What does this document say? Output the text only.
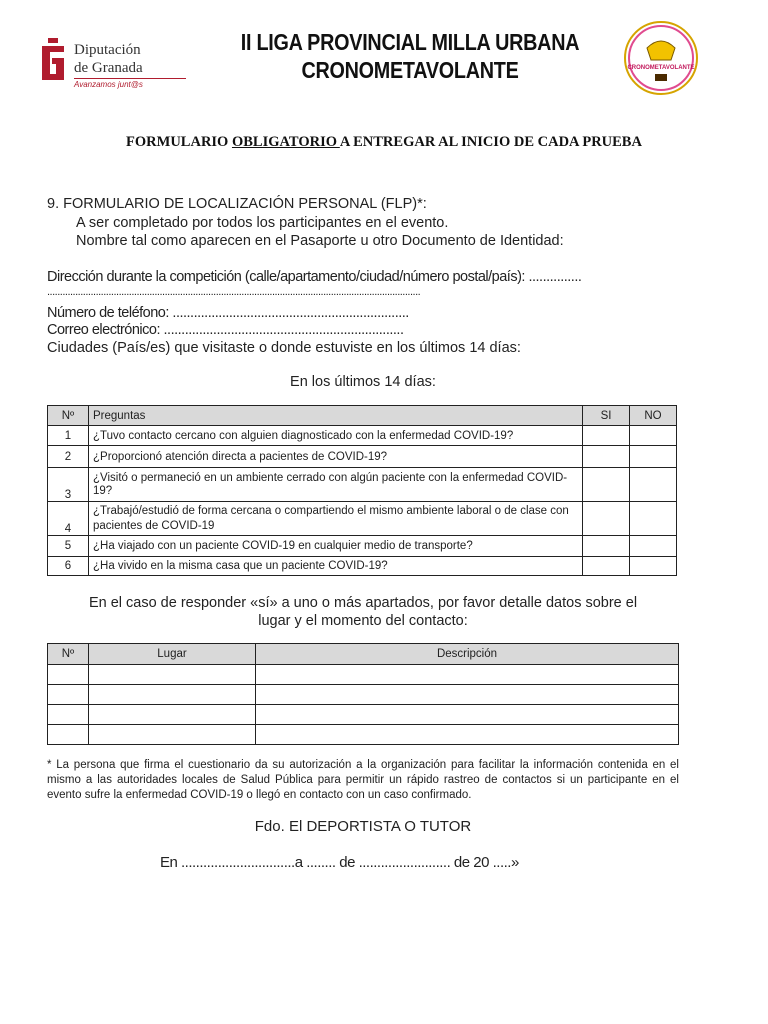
Diputación
de Granada
Avanzamos junt@s
II LIGA PROVINCIAL MILLA URBANA
CRONOMETAVOLANTE	CRONOMETAVOLANTE
FORMULARIO OBLIGATORIO A ENTREGAR AL INICIO DE CADA PRUEBA
9. FORMULARIO DE LOCALIZACIÓN PERSONAL (FLP)*:
A ser completado por todos los participantes en el evento.
Nombre tal como aparecen en el Pasaporte u otro Documento de Identidad:
Dirección durante la competición (calle/apartamento/ciudad/número postal/país): ...............
..................................................................................................................................................
Número de teléfono: ...................................................................
Correo electrónico: ....................................................................
Ciudades (País/es) que visitaste o donde estuviste en los últimos 14 días:
En los últimos 14 días:
Nº	Preguntas	SI	NO
1	¿Tuvo contacto cercano con alguien diagnosticado con la enfermedad COVID-19?		
2	¿Proporcionó atención directa a pacientes de COVID-19?		
3	¿Visitó o permaneció en un ambiente cerrado con algún paciente con la enfermedad COVID-19?		
4	¿Trabajó/estudió de forma cercana o compartiendo el mismo ambiente laboral o de clase con pacientes de COVID-19		
5	¿Ha viajado con un paciente COVID-19 en cualquier medio de transporte?		
6	¿Ha vivido en la misma casa que un paciente COVID-19?		
En el caso de responder «sí» a uno o más apartados, por favor detalle datos sobre el
lugar y el momento del contacto:
Nº	Lugar	Descripción

* La persona que firma el cuestionario da su autorización a la organización para facilitar la información contenida en el mismo a las autoridades locales de Salud Pública para permitir un rápido rastreo de contactos si un participante en el evento sufre la enfermedad COVID-19 o llegó en contacto con un caso confirmado.
Fdo. El DEPORTISTA O TUTOR
En ...............................a ........ de ......................... de 20 .....»
